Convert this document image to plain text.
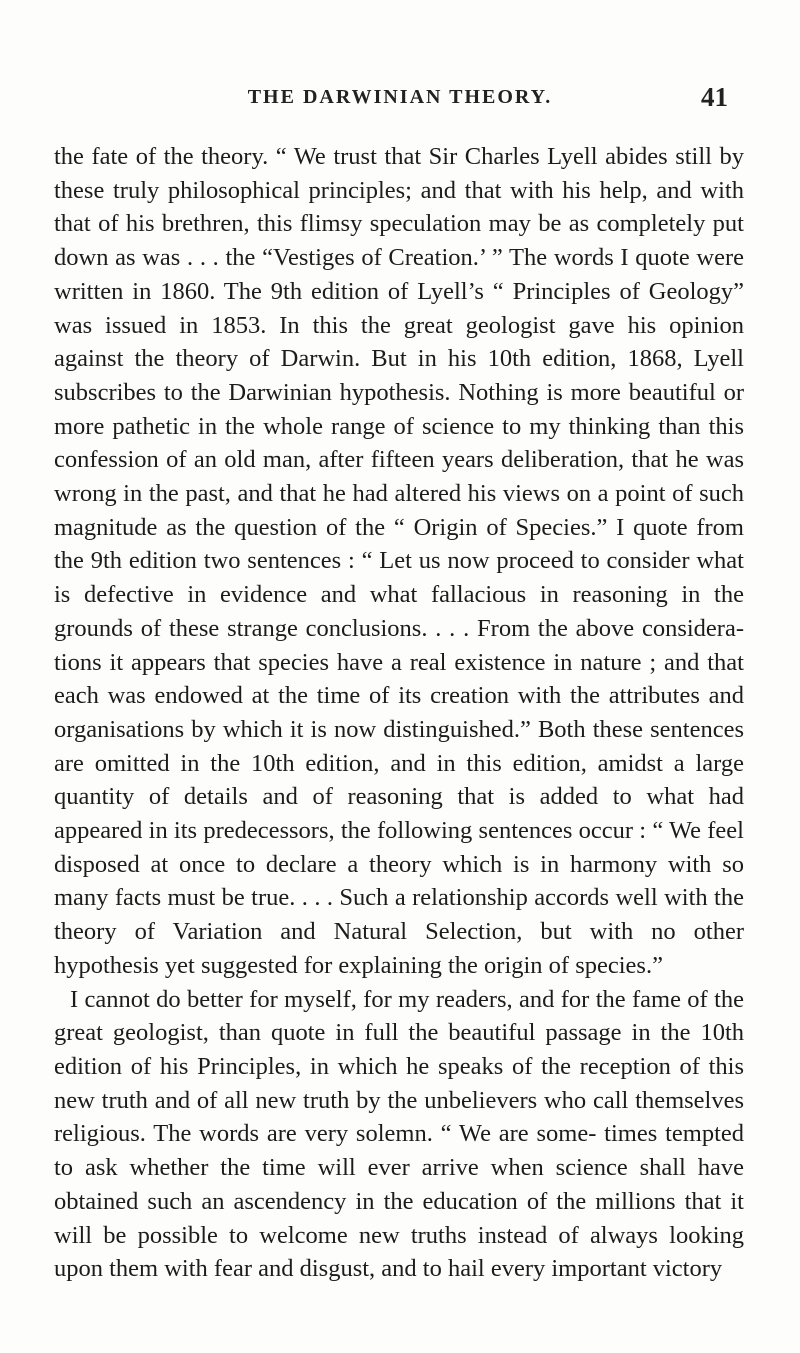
THE DARWINIAN THEORY.	41

the fate of the theory. “ We trust that Sir Charles Lyell abides still by these truly philosophical principles; and that with his help, and with that of his brethren, this flimsy speculation may be as completely put down as was . . . the “Vestiges of Creation.’ ” The words I quote were written in 1860. The 9th edition of Lyell’s “ Principles of Geology” was issued in 1853. In this the great geologist gave his opinion against the theory of Darwin. But in his 10th edition, 1868, Lyell subscribes to the Darwinian hypothesis. Nothing is more beautiful or more pathetic in the whole range of science to my thinking than this confession of an old man, after fifteen years deliberation, that he was wrong in the past, and that he had altered his views on a point of such magnitude as the question of the “ Origin of Species.” I quote from the 9th edition two sentences : “ Let us now proceed to consider what is defective in evidence and what fallacious in reasoning in the grounds of these strange conclusions. . . . From the above considera- tions it appears that species have a real existence in nature ; and that each was endowed at the time of its creation with the attributes and organisations by which it is now distinguished.” Both these sentences are omitted in the 10th edition, and in this edition, amidst a large quantity of details and of reasoning that is added to what had appeared in its predecessors, the following sentences occur : “ We feel disposed at once to declare a theory which is in harmony with so many facts must be true. . . . Such a relationship accords well with the theory of Variation and Natural Selection, but with no other hypothesis yet suggested for explaining the origin of species.”

I cannot do better for myself, for my readers, and for the fame of the great geologist, than quote in full the beautiful passage in the 10th edition of his Principles, in which he speaks of the reception of this new truth and of all new truth by the unbelievers who call themselves religious. The words are very solemn. “ We are some- times tempted to ask whether the time will ever arrive when science shall have obtained such an ascendency in the education of the millions that it will be possible to welcome new truths instead of always looking upon them with fear and disgust, and to hail every important victory
